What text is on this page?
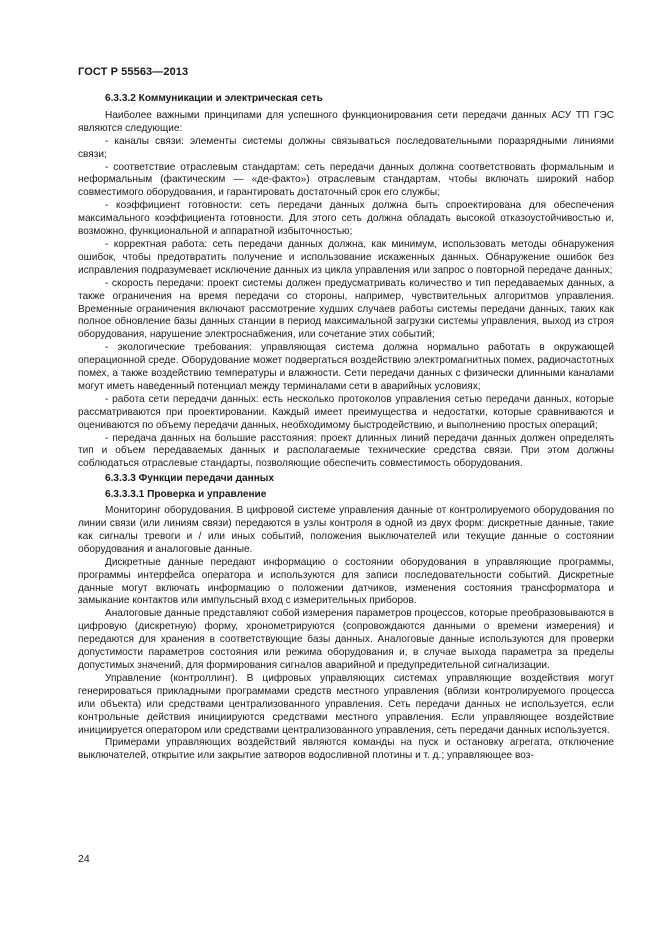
ГОСТ Р 55563—2013

6.3.3.2 Коммуникации и электрическая сеть

Наиболее важными принципами для успешного функционирования сети передачи данных АСУ ТП ГЭС являются следующие:

- каналы связи: элементы системы должны связываться последовательными поразрядными линиями связи;

- соответствие отраслевым стандартам: сеть передачи данных должна соответствовать формальным и неформальным (фактическим — «де-факто») отраслевым стандартам, чтобы включать широкий набор совместимого оборудования, и гарантировать достаточный срок его службы;

- коэффициент готовности: сеть передачи данных должна быть спроектирована для обеспечения максимального коэффициента готовности. Для этого сеть должна обладать высокой отказоустойчивостью и, возможно, функциональной и аппаратной избыточностью;

- корректная работа: сеть передачи данных должна, как минимум, использовать методы обнаружения ошибок, чтобы предотвратить получение и использование искаженных данных. Обнаружение ошибок без исправления подразумевает исключение данных из цикла управления или запрос о повторной передаче данных;

- скорость передачи: проект системы должен предусматривать количество и тип передаваемых данных, а также ограничения на время передачи со стороны, например, чувствительных алгоритмов управления. Временные ограничения включают рассмотрение худших случаев работы системы передачи данных, таких как полное обновление базы данных станции в период максимальной загрузки системы управления, выход из строя оборудования, нарушение электроснабжения, или сочетание этих событий;

- экологические требования: управляющая система должна нормально работать в окружающей операционной среде. Оборудование может подвергаться воздействию электромагнитных помех, радиочастотных помех, а также воздействию температуры и влажности. Сети передачи данных с физически длинными каналами могут иметь наведенный потенциал между терминалами сети в аварийных условиях;

- работа сети передачи данных: есть несколько протоколов управления сетью передачи данных, которые рассматриваются при проектировании. Каждый имеет преимущества и недостатки, которые сравниваются и оцениваются по объему передачи данных, необходимому быстродействию, и выполнению простых операций;

- передача данных на большие расстояния: проект длинных линий передачи данных должен определять тип и объем передаваемых данных и располагаемые технические средства связи. При этом должны соблюдаться отраслевые стандарты, позволяющие обеспечить совместимость оборудования.

6.3.3.3 Функции передачи данных

6.3.3.3.1 Проверка и управление

Мониторинг оборудования. В цифровой системе управления данные от контролируемого оборудования по линии связи (или линиям связи) передаются в узлы контроля в одной из двух форм: дискретные данные, такие как сигналы тревоги и / или иных событий, положения выключателей или текущие данные о состоянии оборудования и аналоговые данные.

Дискретные данные передают информацию о состоянии оборудования в управляющие программы, программы интерфейса оператора и используются для записи последовательности событий. Дискретные данные могут включать информацию о положении датчиков, изменения состояния трансформатора и замыкание контактов или импульсный вход с измерительных приборов.

Аналоговые данные представляют собой измерения параметров процессов, которые преобразовываются в цифровую (дискретную) форму, хронометрируются (сопровождаются данными о времени измерения) и передаются для хранения в соответствующие базы данных. Аналоговые данные используются для проверки допустимости параметров состояния или режима оборудования и, в случае выхода параметра за пределы допустимых значений, для формирования сигналов аварийной и предупредительной сигнализации.

Управление (контроллинг). В цифровых управляющих системах управляющие воздействия могут генерироваться прикладными программами средств местного управления (вблизи контролируемого процесса или объекта) или средствами централизованного управления. Сеть передачи данных не используется, если контрольные действия инициируются средствами местного управления. Если управляющее воздействие инициируется оператором или средствами централизованного управления, сеть передачи данных используется.

Примерами управляющих воздействий являются команды на пуск и остановку агрегата, отключение выключателей, открытие или закрытие затворов водосливной плотины и т. д.; управляющее воз-

24
